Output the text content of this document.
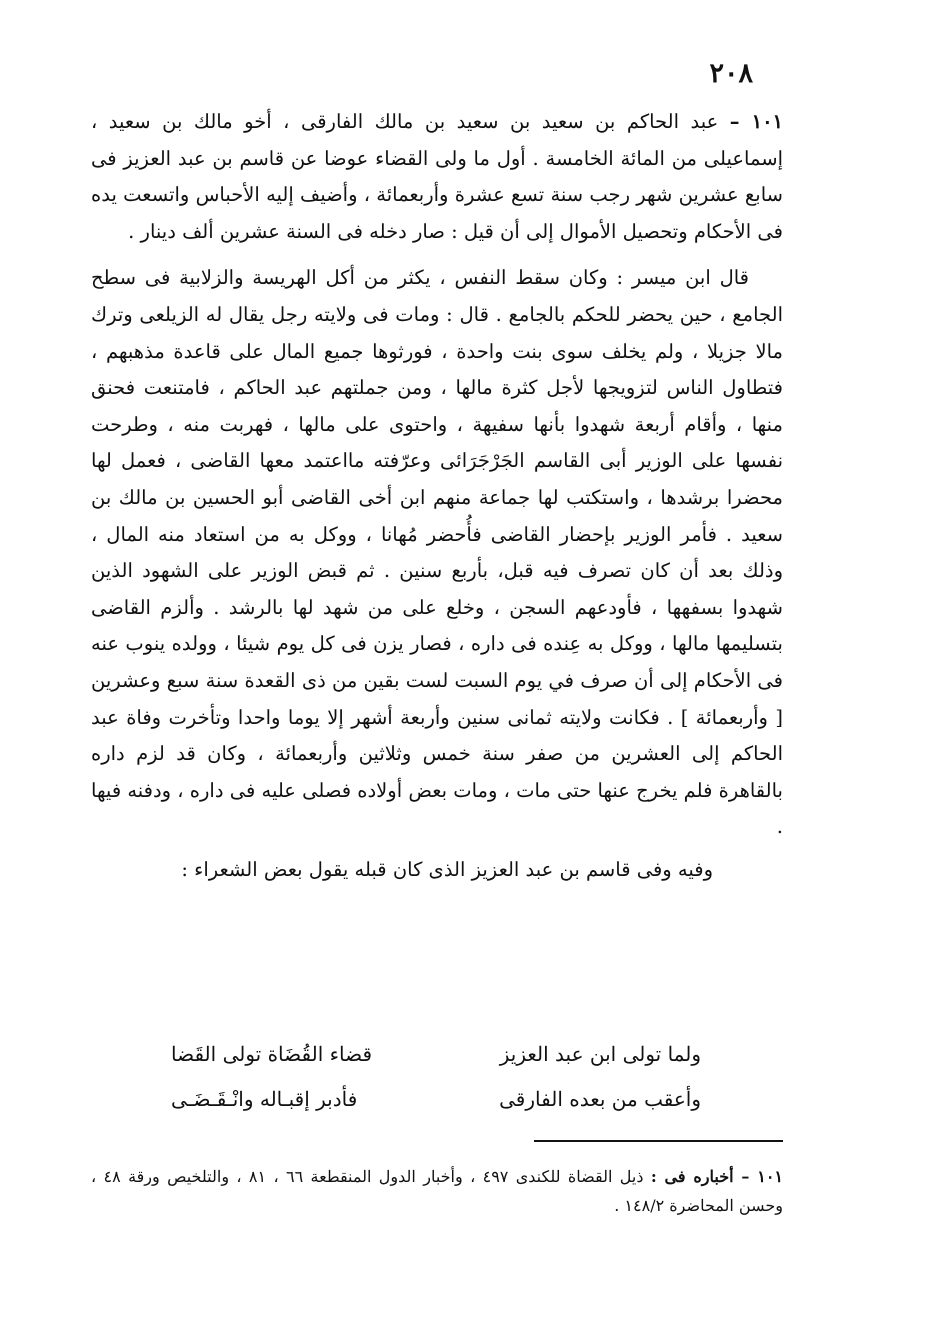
٢٠٨

١٠١ – عبد الحاكم بن سعيد بن سعيد بن مالك الفارقى ، أخو مالك بن سعيد ، إسماعيلى من المائة الخامسة . أول ما ولى القضاء عوضا عن قاسم بن عبد العزيز فى سابع عشرين شهر رجب سنة تسع عشرة وأربعمائة ، وأضيف إليه الأحباس واتسعت يده فى الأحكام وتحصيل الأموال إلى أن قيل : صار دخله فى السنة عشرين ألف دينار .

قال ابن ميسر : وكان سقط النفس ، يكثر من أكل الهريسة والزلابية فى سطح الجامع ، حين يحضر للحكم بالجامع . قال : ومات فى ولايته رجل يقال له الزيلعى وترك مالا جزيلا ، ولم يخلف سوى بنت واحدة ، فورثوها جميع المال على قاعدة مذهبهم ، فتطاول الناس لتزويجها لأجل كثرة مالها ، ومن جملتهم عبد الحاكم ، فامتنعت فحنق منها ، وأقام أربعة شهدوا بأنها سفيهة ، واحتوى على مالها ، فهربت منه ، وطرحت نفسها على الوزير أبى القاسم الجَرْجَرَائى وعرّفته مااعتمد معها القاضى ، فعمل لها محضرا برشدها ، واستكتب لها جماعة منهم ابن أخى القاضى أبو الحسين بن مالك بن سعيد . فأمر الوزير بإحضار القاضى فأُحضر مُهانا ، ووكل به من استعاد منه المال ، وذلك بعد أن كان تصرف فيه قبل، بأربع سنين . ثم قبض الوزير على الشهود الذين شهدوا بسفهها ، فأودعهم السجن ، وخلع على من شهد لها بالرشد . وألزم القاضى بتسليمها مالها ، ووكل به عِنده فى داره ، فصار يزن فى كل يوم شيئا ، وولده ينوب عنه فى الأحكام إلى أن صرف في يوم السبت لست بقين من ذى القعدة سنة سبع وعشرين [ وأربعمائة ] . فكانت ولايته ثمانى سنين وأربعة أشهر إلا يوما واحدا وتأخرت وفاة عبد الحاكم إلى العشرين من صفر سنة خمس وثلاثين وأربعمائة ، وكان قد لزم داره بالقاهرة فلم يخرج عنها حتى مات ، ومات بعض أولاده فصلى عليه فى داره ، ودفنه فيها .

وفيه وفى قاسم بن عبد العزيز الذى كان قبله يقول بعض الشعراء :

ولما تولى ابن عبد العزيز
قضاء القُضَاة تولى القَضا
وأعقب من بعده الفارقى
فأدبر إقبـاله وانْـقَـضَـى

١٠١ – أخباره فى : ذيل القضاة للكندى ٤٩٧ ، وأخبار الدول المنقطعة ٦٦ ، ٨١ ، والتلخيص ورقة ٤٨ ، وحسن المحاضرة ١٤٨/٢ .
